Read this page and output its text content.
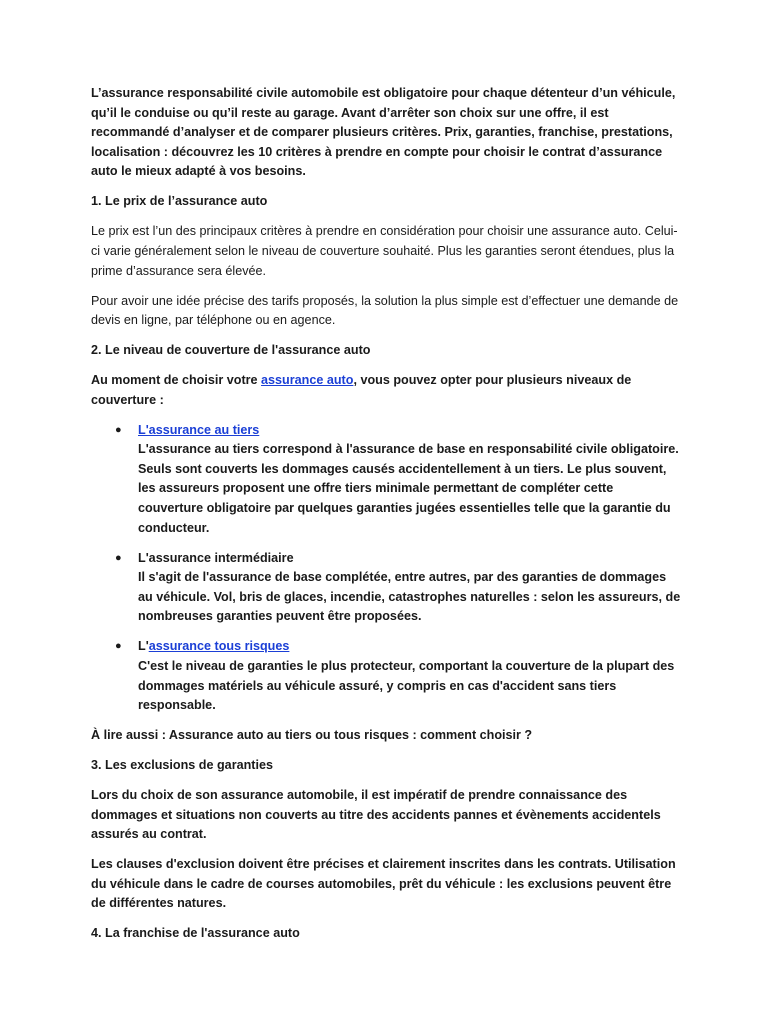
L’assurance responsabilité civile automobile est obligatoire pour chaque détenteur d’un véhicule, qu’il le conduise ou qu’il reste au garage. Avant d’arrêter son choix sur une offre, il est recommandé d’analyser et de comparer plusieurs critères. Prix, garanties, franchise, prestations, localisation : découvrez les 10 critères à prendre en compte pour choisir le contrat d’assurance auto le mieux adapté à vos besoins.

1. Le prix de l’assurance auto

Le prix est l’un des principaux critères à prendre en considération pour choisir une assurance auto. Celui-ci varie généralement selon le niveau de couverture souhaité. Plus les garanties seront étendues, plus la prime d’assurance sera élevée.

Pour avoir une idée précise des tarifs proposés, la solution la plus simple est d’effectuer une demande de devis en ligne, par téléphone ou en agence.

2. Le niveau de couverture de l'assurance auto

Au moment de choisir votre assurance auto, vous pouvez opter pour plusieurs niveaux de couverture :

● L'assurance au tiers
L'assurance au tiers correspond à l'assurance de base en responsabilité civile obligatoire. Seuls sont couverts les dommages causés accidentellement à un tiers. Le plus souvent, les assureurs proposent une offre tiers minimale permettant de compléter cette couverture obligatoire par quelques garanties jugées essentielles telle que la garantie du conducteur.
● L'assurance intermédiaire
Il s'agit de l'assurance de base complétée, entre autres, par des garanties de dommages au véhicule. Vol, bris de glaces, incendie, catastrophes naturelles : selon les assureurs, de nombreuses garanties peuvent être proposées.
● L'assurance tous risques
C'est le niveau de garanties le plus protecteur, comportant la couverture de la plupart des dommages matériels au véhicule assuré, y compris en cas d'accident sans tiers responsable.

À lire aussi : Assurance auto au tiers ou tous risques : comment choisir ?

3. Les exclusions de garanties

Lors du choix de son assurance automobile, il est impératif de prendre connaissance des dommages et situations non couverts au titre des accidents pannes et évènements accidentels assurés au contrat.

Les clauses d'exclusion doivent être précises et clairement inscrites dans les contrats. Utilisation du véhicule dans le cadre de courses automobiles, prêt du véhicule : les exclusions peuvent être de différentes natures.

4. La franchise de l'assurance auto
